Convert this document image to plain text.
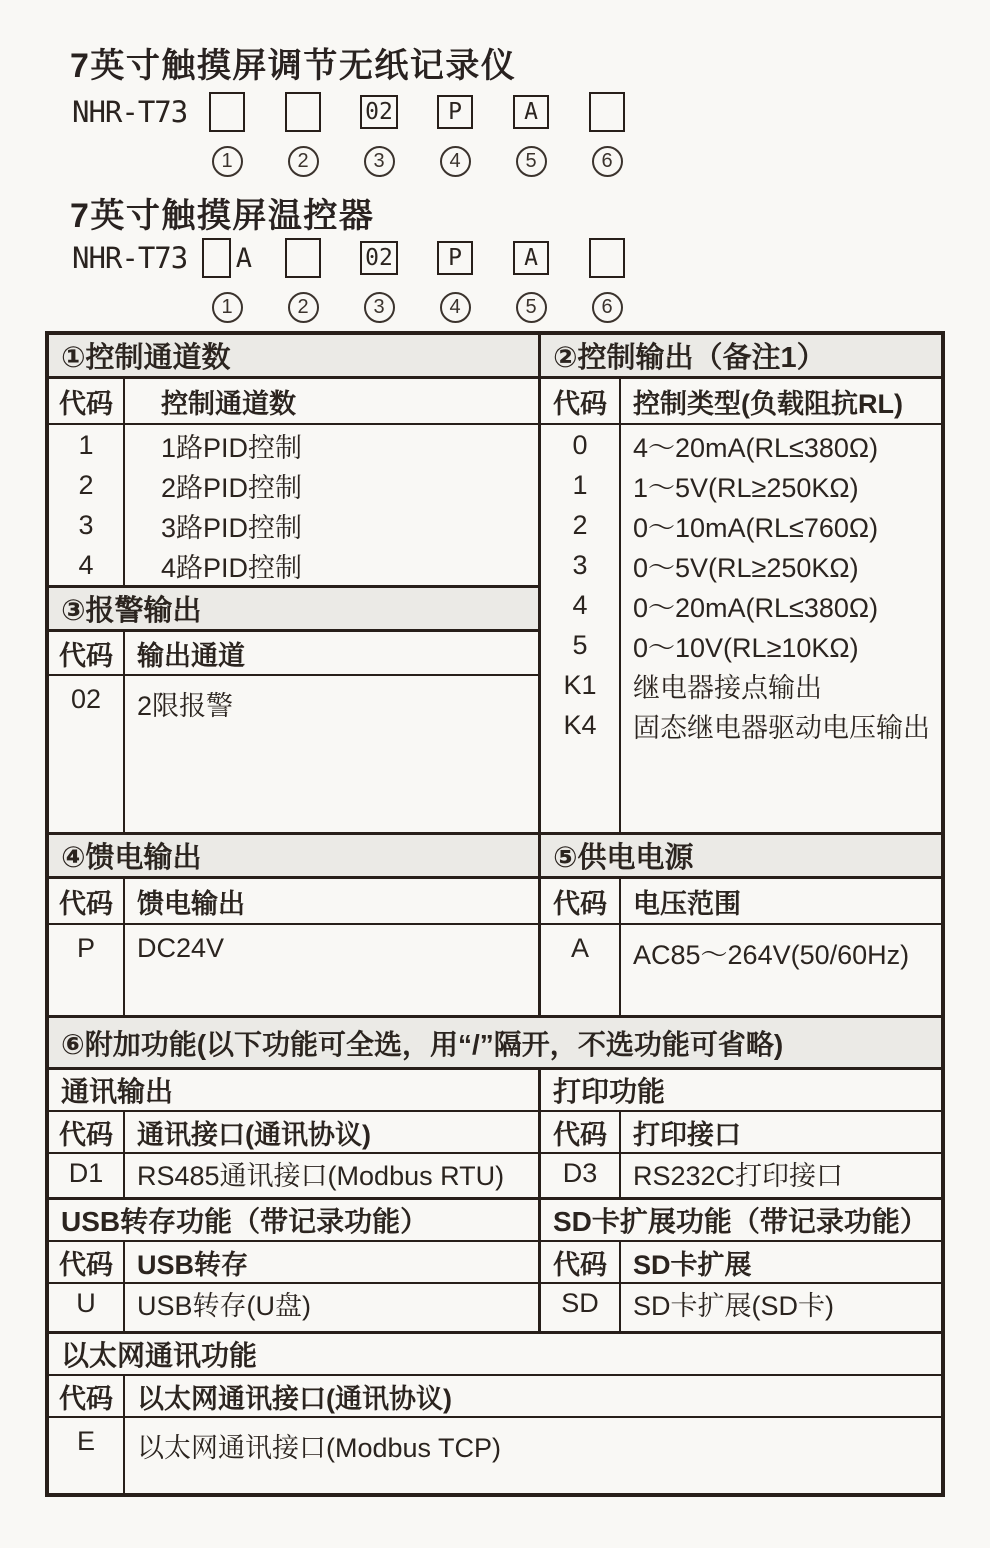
7英寸触摸屏调节无纸记录仪
NHR-T73	02	P	A
1	2	3	4	5	6
7英寸触摸屏温控器
NHR-T73	A	02	P	A
1	2	3	4	5	6
①控制通道数
代码	控制通道数
1	1路PID控制
2	2路PID控制
3	3路PID控制
4	4路PID控制
③报警输出
代码 输出通道
02	2限报警
②控制输出（备注1）
代码 控制类型(负载阻抗RL)
0	4～20mA(RL≤380Ω)
1	1～5V(RL≥250KΩ)
2	0～10mA(RL≤760Ω)
3	0～5V(RL≥250KΩ)
4	0～20mA(RL≤380Ω)
5	0～10V(RL≥10KΩ)
K1	继电器接点输出
K4	固态继电器驱动电压输出
④馈电输出
代码 馈电输出
P	DC24V
⑤供电电源
代码 电压范围
A	AC85～264V(50/60Hz)
⑥附加功能(以下功能可全选，用“/”隔开，不选功能可省略)
通讯输出
代码 通讯接口(通讯协议)
D1	RS485通讯接口(Modbus RTU)
打印功能
代码 打印接口
D3	RS232C打印接口
USB转存功能（带记录功能）
代码 USB转存
U	USB转存(U盘)
SD卡扩展功能（带记录功能）
代码 SD卡扩展
SD	SD卡扩展(SD卡)
以太网通讯功能
代码 以太网通讯接口(通讯协议)
E	以太网通讯接口(Modbus TCP)
